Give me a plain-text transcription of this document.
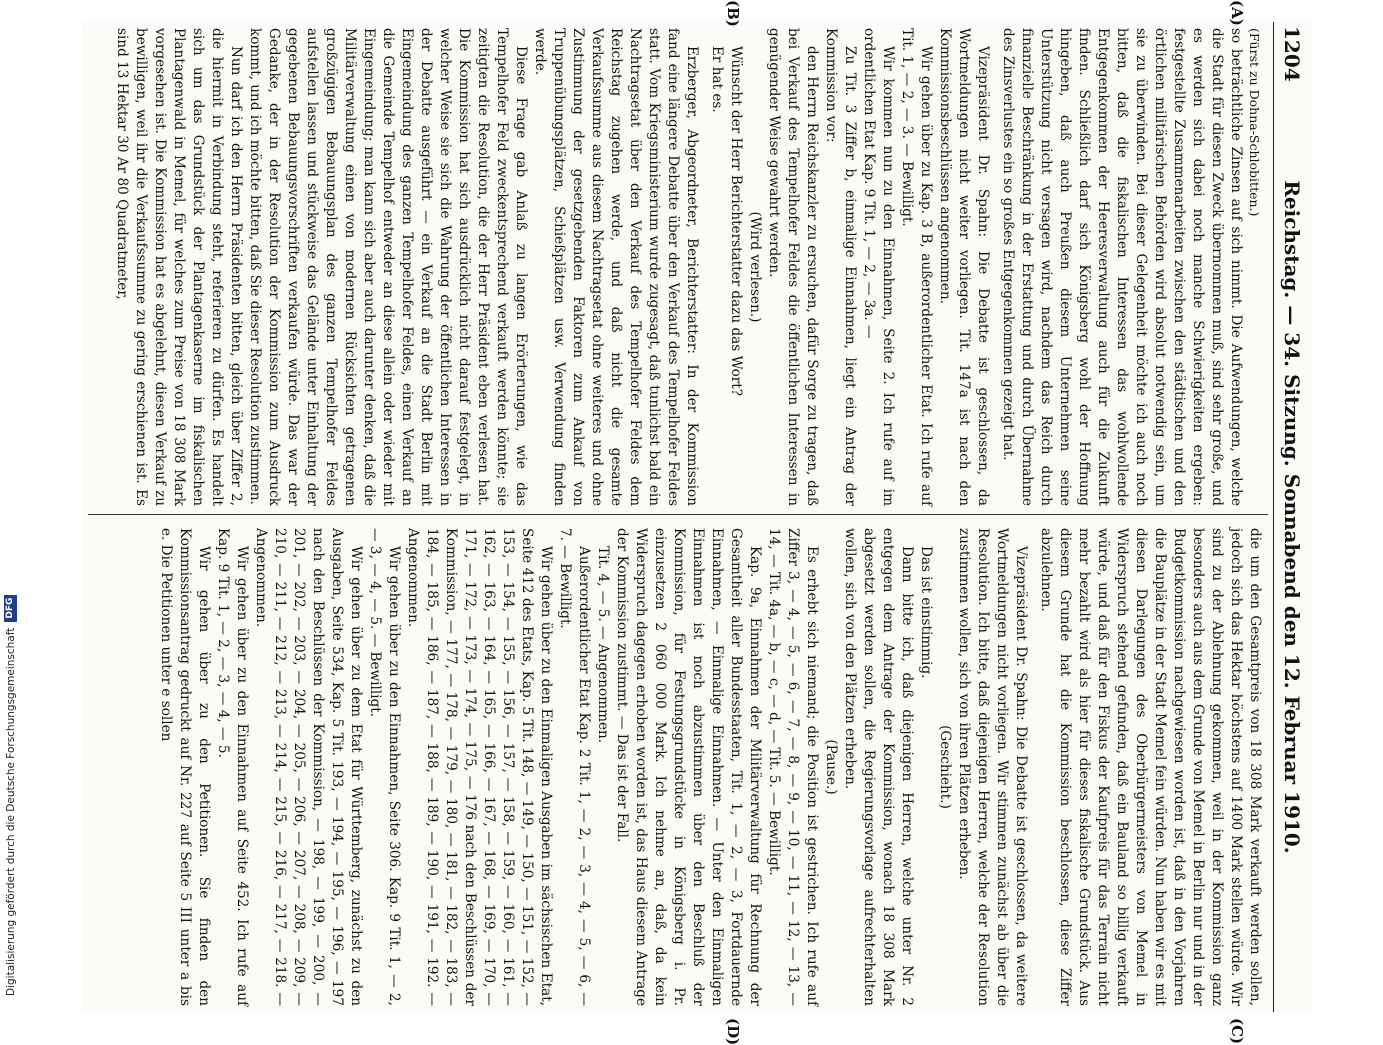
1204
Reichstag. — 34. Sitzung. Sonnabend den 12. Februar 1910.
(A)
(B)
(C)
(D)

(Fürst zu Dohna-Schlobitten.)

so beträchtliche Zinsen auf sich nimmt. Die Aufwendungen, welche die Stadt für diesen Zweck übernommen muß, sind sehr große, und es werden sich dabei noch manche Schwierigkeiten ergeben: festgestellte Zusammenarbeiten zwischen den städtischen und den örtlichen militärischen Behörden wird absolut notwendig sein, um sie zu überwinden. Bei dieser Gelegenheit möchte ich auch noch bitten, daß die fiskalischen Interessen das wohlwollende Entgegenkommen der Heeresverwaltung auch für die Zukunft finden. Schließlich darf sich Königsberg wohl der Hoffnung hingeben, daß auch Preußen diesem Unternehmen seine Unterstützung nicht versagen wird, nachdem das Reich durch finanzielle Beschränkung in der Erstattung und durch Übernahme des Zinsverlustes ein so großes Entgegenkommen gezeigt hat.

Vizepräsident Dr. Spahn: Die Debatte ist geschlossen, da Wortmeldungen nicht weiter vorliegen. Tit. 147a ist nach den Kommissionsbeschlüssen angenommen.

Wir gehen über zu Kap. 3 B, außerordentlicher Etat. Ich rufe auf Tit. 1, — 2, — 3. — Bewilligt.

Wir kommen nun zu den Einnahmen, Seite 2. Ich rufe auf im ordentlichen Etat Kap. 9 Tit. 1, — 2, — 3a. —

Zu Tit. 3 Ziffer b, einmalige Einnahmen, liegt ein Antrag der Kommission vor:

den Herrn Reichskanzler zu ersuchen, dafür Sorge zu tragen, daß bei Verkauf des Tempelhofer Feldes die öffentlichen Interessen in genügender Weise gewahrt werden.

(Wird verlesen.)

Wünscht der Herr Berichterstatter dazu das Wort?

Er hat es.

Erzberger, Abgeordneter, Berichterstatter: In der Kommission fand eine längere Debatte über den Verkauf des Tempelhofer Feldes statt. Vom Kriegsministerium wurde zugesagt, daß tunlichst bald ein Nachtragsetat über den Verkauf des Tempelhofer Feldes dem Reichstag zugehen werde, und daß nicht die gesamte Verkaufssumme aus diesem Nachtragsetat ohne weiteres und ohne Zustimmung der gesetzgebenden Faktoren zum Ankauf von Truppenübungsplätzen, Schießplätzen usw. Verwendung finden werde.

Diese Frage gab Anlaß zu langen Erörterungen, wie das Tempelhofer Feld zweckentsprechend verkauft werden könnte; sie zeitigten die Resolution, die der Herr Präsident eben verlesen hat. Die Kommission hat sich ausdrücklich nicht darauf festgelegt, in welcher Weise sie sich die Wahrung der öffentlichen Interessen in der Debatte ausgeführt — ein Verkauf an die Stadt Berlin mit Eingemeindung des ganzen Tempelhofer Feldes, einen Verkauf an die Gemeinde Tempelhof entweder an diese allein oder wieder mit Eingemeindung; man kann sich aber auch darunter denken, daß die Militärverwaltung einen von modernen Rücksichten getragenen großzügigen Bebauungsplan des ganzen Tempelhofer Feldes aufstellen lassen und stückweise das Gelände unter Einhaltung der gegebenen Bebauungsvorschriften verkaufen würde. Das war der Gedanke, der in der Resolution der Kommission zum Ausdruck kommt, und ich möchte bitten, daß Sie dieser Resolution zustimmen.

Nun darf ich den Herrn Präsidenten bitten, gleich über Ziffer 2, die hiermit in Verbindung steht, referieren zu dürfen. Es handelt sich um das Grundstück der Plantagenkaserne im fiskalischen Plantagenwald in Memel, für welches zum Preise von 18 308 Mark vorgesehen ist. Die Kommission hat es abgelehnt, diesen Verkauf zu bewilligen, weil ihr die Verkaufssumme zu gering erschienen ist. Es sind 13 Hektar 30 Ar 80 Quadratmeter,

die um den Gesamtpreis von 18 308 Mark verkauft werden sollen, jedoch sich das Hektar höchstens auf 1400 Mark stellen würde. Wir sind zu der Ablehnung gekommen, weil in der Kommission ganz besonders auch aus dem Grunde von Memel in Berlin nur und in der Budgetkommission nachgewiesen worden ist, daß in den Vorjahren die Bauplätze in der Stadt Memel fein würden. Nun haben wir es mit diesen Darlegungen des Oberbürgermeisters von Memel in Widerspruch stehend gefunden, daß ein Bauland so billig verkauft würde, und daß für den Fiskus der Kaufpreis für das Terrain nicht mehr bezahlt wird als hier für dieses fiskalische Grundstück. Aus diesem Grunde hat die Kommission beschlossen, diese Ziffer abzulehnen.

Vizepräsident Dr. Spahn: Die Debatte ist geschlossen, da weitere Wortmeldungen nicht vorliegen. Wir stimmen zunächst ab über die Resolution. Ich bitte, daß diejenigen Herren, welche der Resolution zustimmen wollen, sich von ihren Plätzen erheben.

(Geschieht.)

Das ist einstimmig.

Dann bitte ich, daß diejenigen Herren, welche unter Nr. 2 entgegen dem Antrage der Kommission, wonach 18 308 Mark abgesetzt werden sollen, die Regierungsvorlage aufrechterhalten wollen, sich von den Plätzen erheben.

(Pause.)

Es erhebt sich niemand; die Position ist gestrichen. Ich rufe auf Ziffer 3, — 4, — 5, — 6, — 7, — 8, — 9, — 10, — 11, — 12, — 13, — 14, — Tit. 4a, — b, — c, — d, — Tit. 5. — Bewilligt.

Kap. 9a, Einnahmen der Militärverwaltung für Rechnung der Gesamtheit aller Bundesstaaten, Tit. 1, — 2, — 3, Fortdauernde Einnahmen, — Einmalige Einnahmen. — Unter den Einmaligen Einnahmen ist noch abzustimmen über den Beschluß der Kommission, für Festungsgrundstücke in Königsberg i. Pr. einzusetzen 2 060 000 Mark. Ich nehme an, daß, da kein Widerspruch dagegen erhoben worden ist, das Haus diesem Antrage der Kommission zustimmt. — Das ist der Fall.

Tit. 4, — 5. — Angenommen.

Außerordentlicher Etat Kap. 2 Tit. 1, — 2, — 3, — 4, — 5, — 6, — 7. — Bewilligt.

Wir gehen über zu den Einmaligen Ausgaben im sächsischen Etat, Seite 412 des Etats, Kap. 5 Tit. 148, — 149, — 150, — 151, — 152, — 153, — 154, — 155, — 156, — 157, — 158, — 159, — 160, — 161, — 162, — 163, — 164, — 165, — 166, — 167, — 168, — 169, — 170, — 171, — 172, — 173, — 174, — 175, — 176 nach den Beschlüssen der Kommission, — 177, — 178, — 179, — 180, — 181, — 182, — 183, — 184, — 185, — 186, — 187, — 188, — 189, — 190, — 191, — 192. — Angenommen.

Wir gehen über zu den Einnahmen, Seite 306. Kap. 9 Tit. 1, — 2, — 3, — 4, — 5. — Bewilligt.

Wir gehen über zu dem Etat für Württemberg, zunächst zu den Ausgaben, Seite 534, Kap. 5 Tit. 193, — 194, — 195, — 196, — 197 nach den Beschlüssen der Kommission, — 198, — 199, — 200, — 201, — 202, — 203, — 204, — 205, — 206, — 207, — 208, — 209, — 210, — 211, — 212, — 213, — 214, — 215, — 216, — 217, — 218. — Angenommen.

Wir gehen über zu den Einnahmen auf Seite 452. Ich rufe auf Kap. 9 Tit. 1, — 2, — 3, — 4, — 5.

Wir gehen über zu den Petitionen. Sie finden den Kommissionsantrag gedruckt auf Nr. 227 auf Seite 5 III unter a bis e. Die Petitionen unter e sollen

Digitalisierung gefördert durch die Deutsche Forschungsgemeinschaft
DFG
